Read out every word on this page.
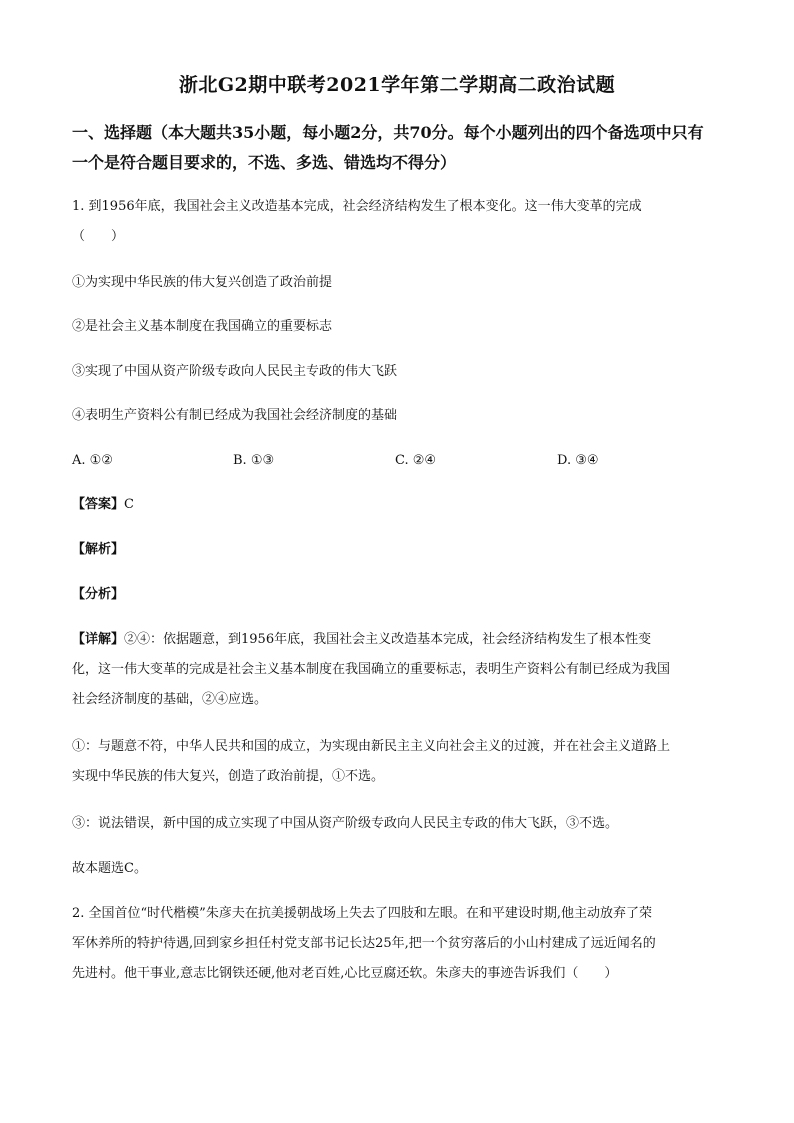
浙北G2期中联考2021学年第二学期高二政治试题
一、选择题（本大题共35小题，每小题2分，共70分。每个小题列出的四个备选项中只有
一个是符合题目要求的，不选、多选、错选均不得分）
1. 到1956年底，我国社会主义改造基本完成，社会经济结构发生了根本变化。这一伟大变革的完成
（　　）
①为实现中华民族的伟大复兴创造了政治前提
②是社会主义基本制度在我国确立的重要标志
③实现了中国从资产阶级专政向人民民主专政的伟大飞跃
④表明生产资料公有制已经成为我国社会经济制度的基础
A. ①②	B. ①③	C. ②④	D. ③④
【答案】C
【解析】
【分析】
【详解】②④：依据题意，到1956年底，我国社会主义改造基本完成，社会经济结构发生了根本性变
化，这一伟大变革的完成是社会主义基本制度在我国确立的重要标志，表明生产资料公有制已经成为我国
社会经济制度的基础，②④应选。
①：与题意不符，中华人民共和国的成立，为实现由新民主主义向社会主义的过渡，并在社会主义道路上
实现中华民族的伟大复兴，创造了政治前提，①不选。
③：说法错误，新中国的成立实现了中国从资产阶级专政向人民民主专政的伟大飞跃，③不选。
故本题选C。
2. 全国首位“时代楷模”朱彦夫在抗美援朝战场上失去了四肢和左眼。在和平建设时期,他主动放弃了荣
军休养所的特护待遇,回到家乡担任村党支部书记长达25年,把一个贫穷落后的小山村建成了远近闻名的
先进村。他干事业,意志比钢铁还硬,他对老百姓,心比豆腐还软。朱彦夫的事迹告诉我们（　　）
